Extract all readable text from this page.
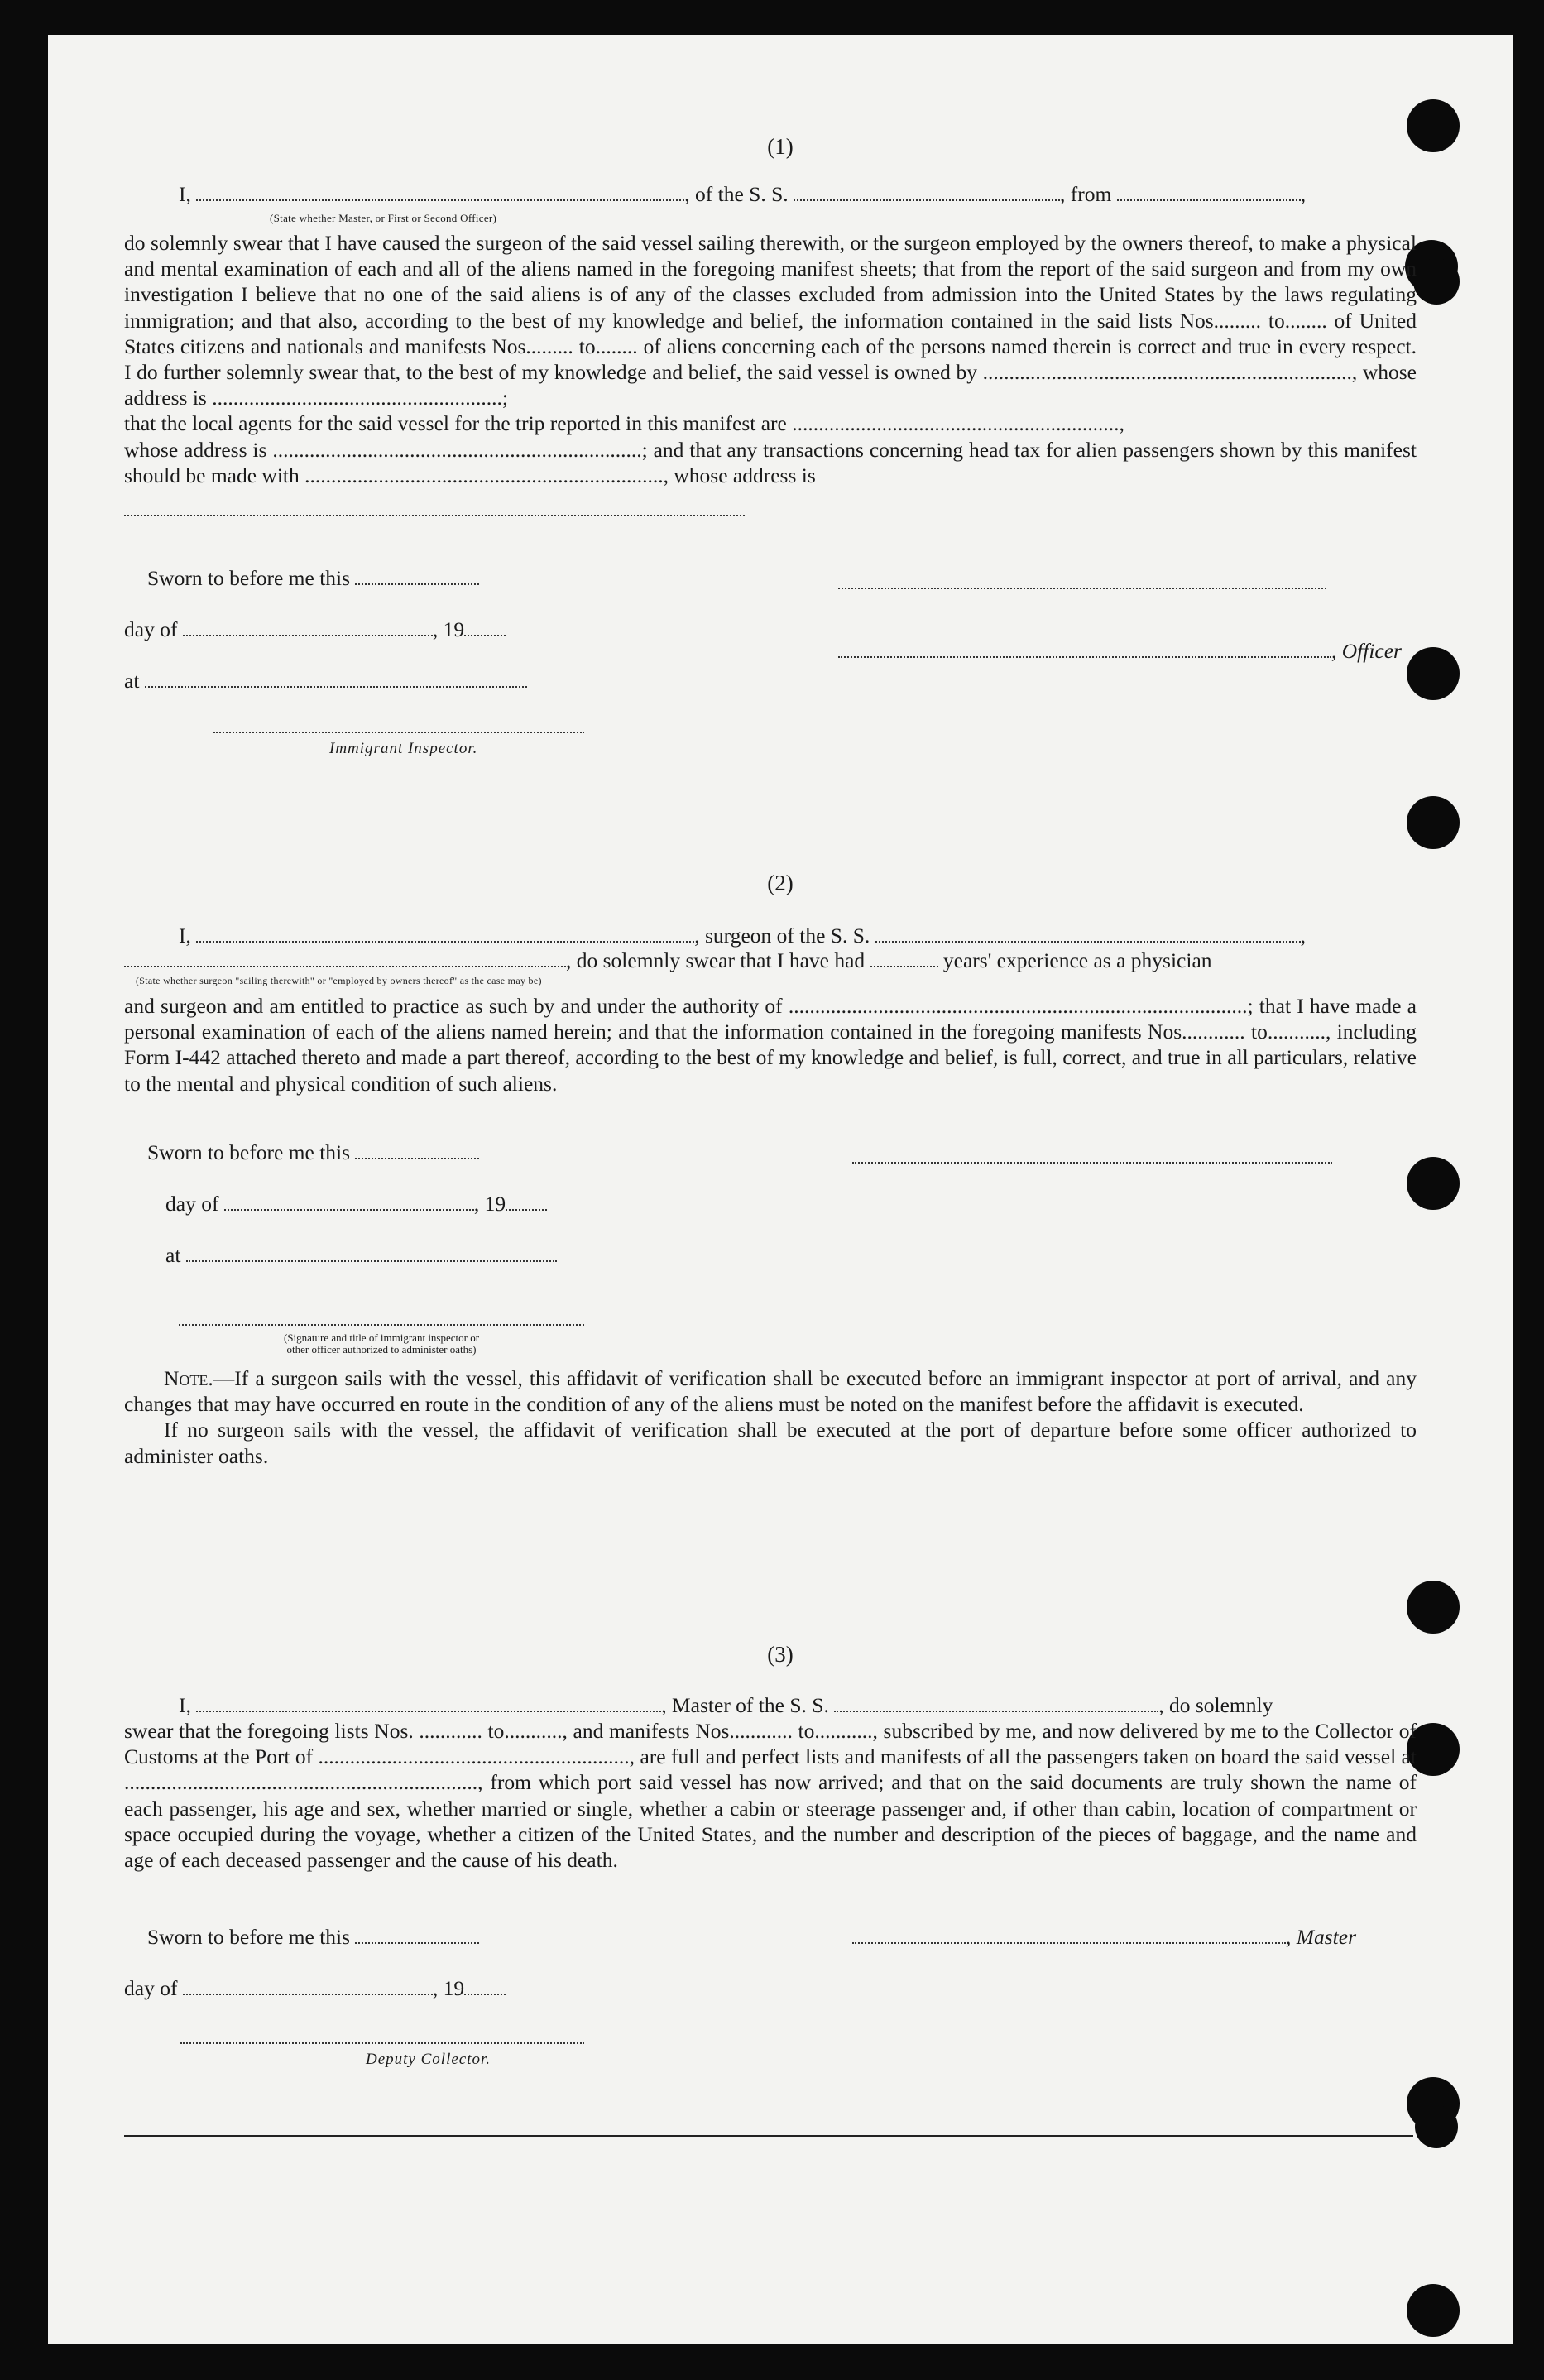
(1)
I,	, of the S. S.	, from	,
(State whether Master, or First or Second Officer)

do solemnly swear that I have caused the surgeon of the said vessel sailing therewith, or the surgeon employed by the owners thereof, to make a physical and mental examination of each and all of the aliens named in the foregoing manifest sheets; that from the report of the said surgeon and from my own investigation I believe that no one of the said aliens is of any of the classes excluded from admission into the United States by the laws regulating immigration; and that also, according to the best of my knowledge and belief, the information contained in the said lists Nos......... to........ of United States citizens and nationals and manifests Nos......... to........ of aliens concerning each of the persons named therein is correct and true in every respect. I do further solemnly swear that, to the best of my knowledge and belief, the said vessel is owned by ......................................................................, whose address is .......................................................;

that the local agents for the said vessel for the trip reported in this manifest are ..............................................................,

whose address is ......................................................................; and that any transactions concerning head tax for alien passengers shown by this manifest should be made with ...................................................................., whose address is

Sworn to before me this
day of	, 19
, Officer
at
Immigrant Inspector.
(2)
I,	, surgeon of the S. S.	,
, do solemnly swear that I have had	years' experience as a physician
(State whether surgeon "sailing therewith" or "employed by owners thereof" as the case may be)
and surgeon and am entitled to practice as such by and under the authority of .......................................................................................; that I have made a personal examination of each of the aliens named herein; and that the information contained in the foregoing manifests Nos............ to..........., including Form I-442 attached thereto and made a part thereof, according to the best of my knowledge and belief, is full, correct, and true in all particulars, relative to the mental and physical condition of such aliens.
Sworn to before me this
day of	, 19
at
(Signature and title of immigrant inspector or
other officer authorized to administer oaths)

Note.—If a surgeon sails with the vessel, this affidavit of verification shall be executed before an immigrant inspector at port of arrival, and any changes that may have occurred en route in the condition of any of the aliens must be noted on the manifest before the affidavit is executed.

If no surgeon sails with the vessel, the affidavit of verification shall be executed at the port of departure before some officer authorized to administer oaths.

(3)
I,	, Master of the S. S.	, do solemnly
swear that the foregoing lists Nos. ............ to..........., and manifests Nos............ to..........., subscribed by me, and now delivered by me to the Collector of Customs at the Port of ..........................................................., are full and perfect lists and manifests of all the passengers taken on board the said vessel at ..................................................................., from which port said vessel has now arrived; and that on the said documents are truly shown the name of each passenger, his age and sex, whether married or single, whether a cabin or steerage passenger and, if other than cabin, location of compartment or space occupied during the voyage, whether a citizen of the United States, and the number and description of the pieces of baggage, and the name and age of each deceased passenger and the cause of his death.
Sworn to before me this	, Master
day of	, 19
Deputy Collector.
